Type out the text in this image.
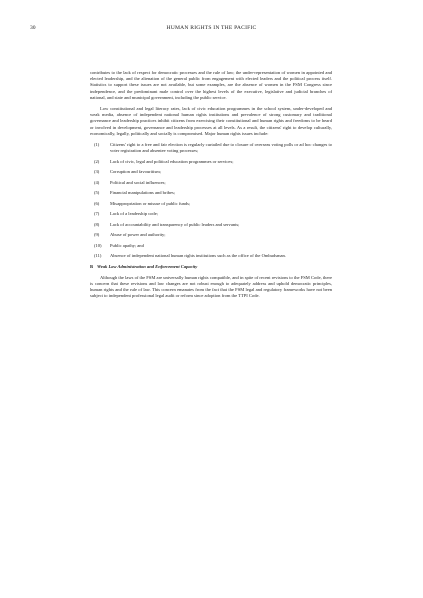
30	HUMAN RIGHTS IN THE PACIFIC

contributes to the lack of respect for democratic processes and the rule of law; the under-representation of women in appointed and elected leadership, and the alienation of the general public from engagement with elected leaders and the political process itself. Statistics to support these issues are not available, but some examples, are the absence of women in the FSM Congress since independence, and the predominant male control over the highest levels of the executive, legislative and judicial branches of national, and state and municipal government, including the public service.

Low constitutional and legal literacy rates, lack of civic education programmes in the school system, under-developed and weak media, absence of independent national human rights institutions and prevalence of strong customary and traditional governance and leadership practices inhibit citizens from exercising their constitutional and human rights and freedoms to be heard or involved in development, governance and leadership processes at all levels. As a result, the citizens' right to develop culturally, economically, legally, politically and socially is compromised. Major human rights issues include:

(1) Citizens' right to a free and fair election is regularly curtailed due to closure of overseas voting polls or ad hoc changes to voter registration and absentee voting processes;
(2) Lack of civic, legal and political education programmes or services;
(3) Corruption and favouritism;
(4) Political and social influences;
(5) Financial manipulations and bribes;
(6) Misappropriation or misuse of public funds;
(7) Lack of a leadership code;
(8) Lack of accountability and transparency of public leaders and servants;
(9) Abuse of power and authority;
(10) Public apathy; and
(11) Absence of independent national human rights institutions such as the office of the Ombudsman.
B Weak Law Administration and Enforcement Capacity

Although the laws of the FSM are universally human rights compatible, and in spite of recent revisions to the FSM Code, there is concern that these revisions and law changes are not robust enough to adequately address and uphold democratic principles, human rights and the rule of law. This concern emanates from the fact that the FSM legal and regulatory frameworks have not been subject to independent professional legal audit or reform since adoption from the TTPI Code.
